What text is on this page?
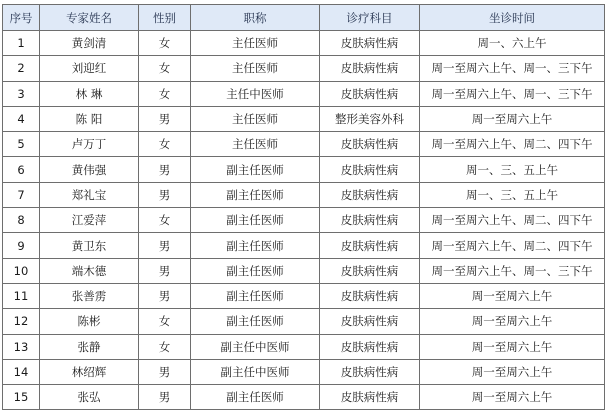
序号	专家姓名	性别	职称	诊疗科目	坐诊时间
1	黄剑清	女	主任医师	皮肤病性病	周一、六上午
2	刘迎红	女	主任医师	皮肤病性病	周一至周六上午、周一、三下午
3	林 琳	女	主任中医师	皮肤病性病	周一至周六上午、周一、三下午
4	陈 阳	男	主任医师	整形美容外科	周一至周六上午
5	卢万丁	女	主任医师	皮肤病性病	周一至周六上午、周二、四下午
6	黄伟强	男	副主任医师	皮肤病性病	周一、三、五上午
7	郑礼宝	男	副主任医师	皮肤病性病	周一、三、五上午
8	江爱萍	女	副主任医师	皮肤病性病	周一至周六上午、周二、四下午
9	黄卫东	男	副主任医师	皮肤病性病	周一至周六上午、周二、四下午
10	端木德	男	副主任医师	皮肤病性病	周一至周六上午、周一、三下午
11	张善雳	男	副主任医师	皮肤病性病	周一至周六上午
12	陈彬	女	副主任医师	皮肤病性病	周一至周六上午
13	张静	女	副主任中医师	皮肤病性病	周一至周六上午
14	林绍辉	男	副主任中医师	皮肤病性病	周一至周六上午
15	张弘	男	副主任医师	皮肤病性病	周一至周六上午
